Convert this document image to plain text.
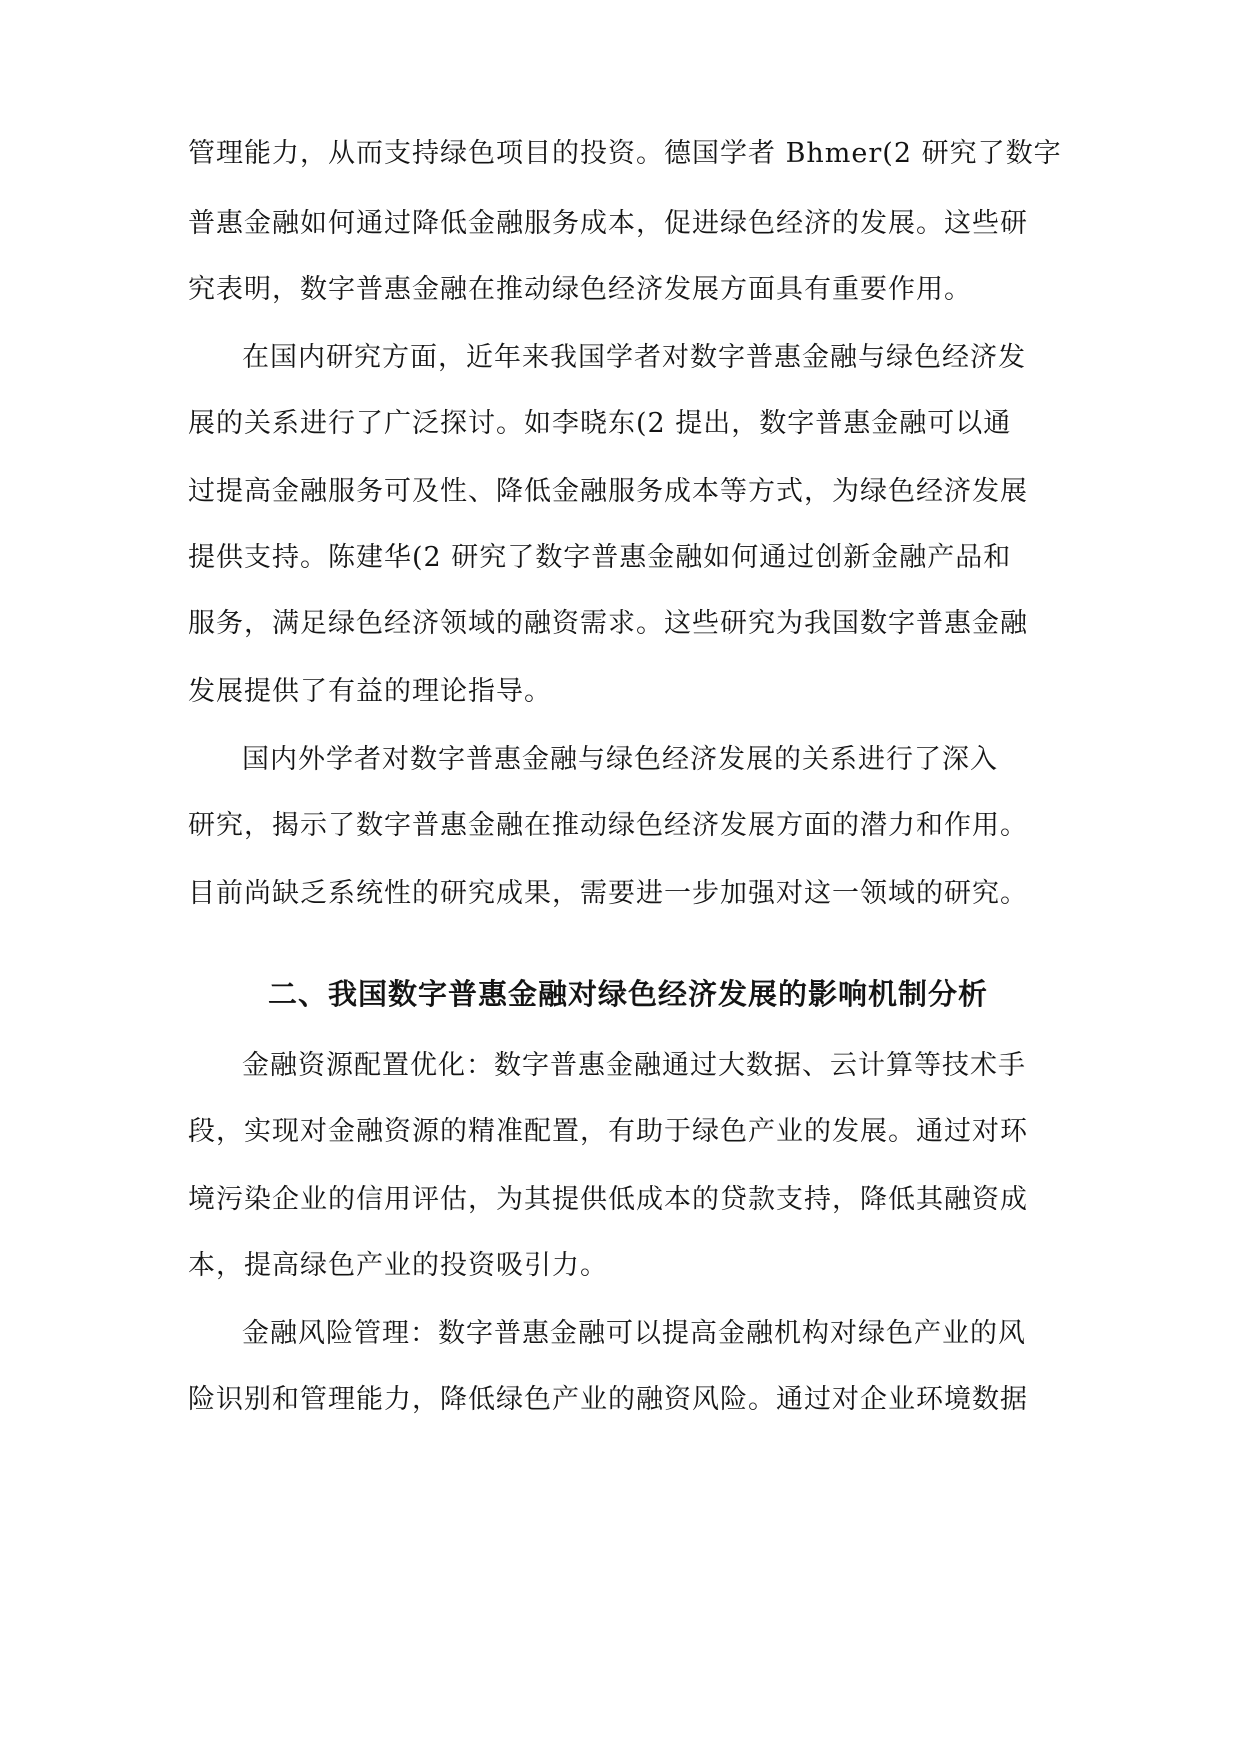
管理能力，从而支持绿色项目的投资。德国学者 Bhmer(2 研究了数字
普惠金融如何通过降低金融服务成本，促进绿色经济的发展。这些研
究表明，数字普惠金融在推动绿色经济发展方面具有重要作用。
在国内研究方面，近年来我国学者对数字普惠金融与绿色经济发
展的关系进行了广泛探讨。如李晓东(2 提出，数字普惠金融可以通
过提高金融服务可及性、降低金融服务成本等方式，为绿色经济发展
提供支持。陈建华(2 研究了数字普惠金融如何通过创新金融产品和
服务，满足绿色经济领域的融资需求。这些研究为我国数字普惠金融
发展提供了有益的理论指导。
国内外学者对数字普惠金融与绿色经济发展的关系进行了深入
研究，揭示了数字普惠金融在推动绿色经济发展方面的潜力和作用。
目前尚缺乏系统性的研究成果，需要进一步加强对这一领域的研究。
二、我国数字普惠金融对绿色经济发展的影响机制分析
金融资源配置优化：数字普惠金融通过大数据、云计算等技术手
段，实现对金融资源的精准配置，有助于绿色产业的发展。通过对环
境污染企业的信用评估，为其提供低成本的贷款支持，降低其融资成
本，提高绿色产业的投资吸引力。
金融风险管理：数字普惠金融可以提高金融机构对绿色产业的风
险识别和管理能力，降低绿色产业的融资风险。通过对企业环境数据
